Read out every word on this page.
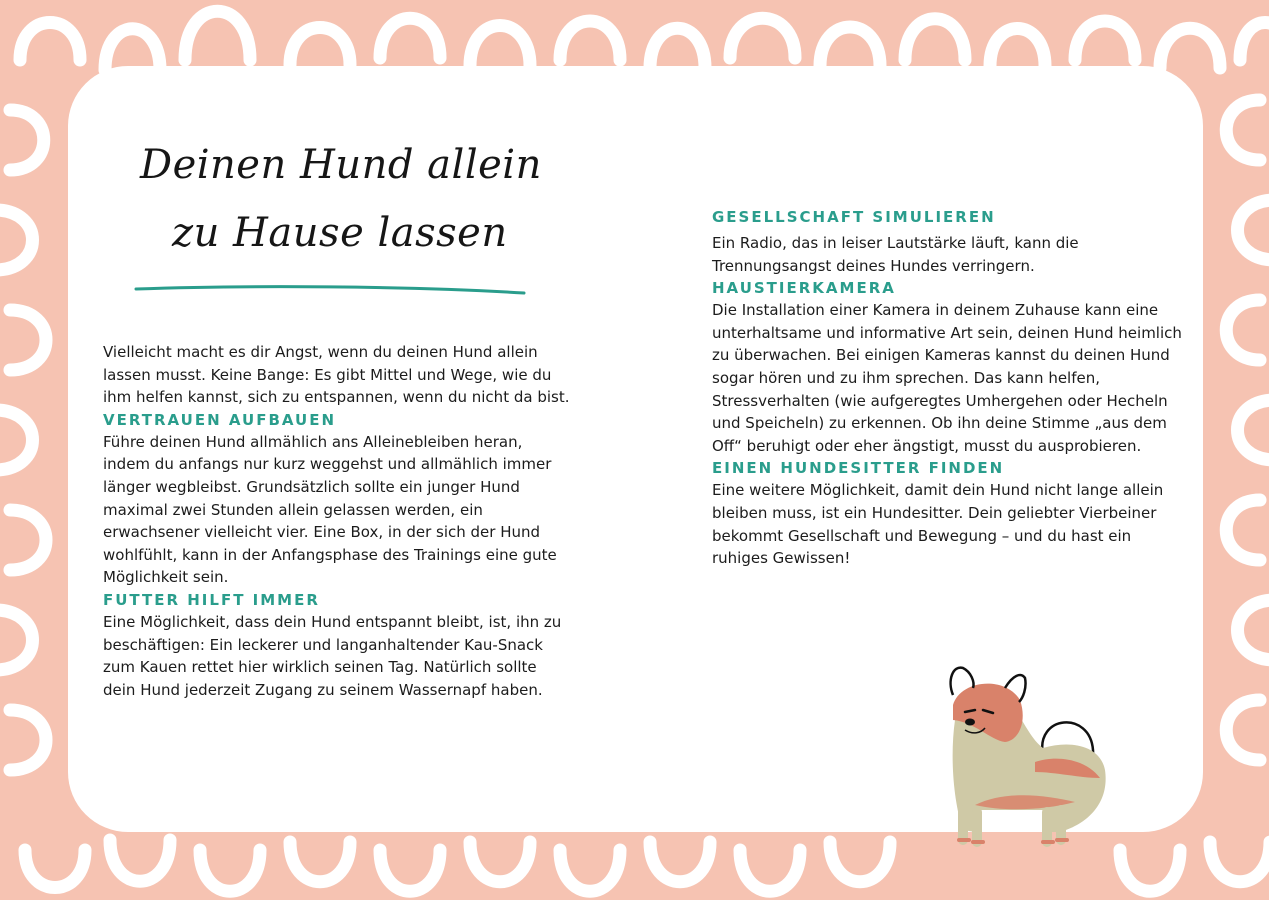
Deinen Hund allein
zu Hause lassen

Vielleicht macht es dir Angst, wenn du deinen Hund allein lassen musst. Keine Bange: Es gibt Mittel und Wege, wie du ihm helfen kannst, sich zu entspannen, wenn du nicht da bist.

VERTRAUEN AUFBAUEN

Führe deinen Hund allmählich ans Alleinebleiben heran, indem du anfangs nur kurz weggehst und allmählich immer länger wegbleibst. Grundsätzlich sollte ein junger Hund maximal zwei Stunden allein gelassen werden, ein erwachsener vielleicht vier. Eine Box, in der sich der Hund wohlfühlt, kann in der Anfangsphase des Trainings eine gute Möglichkeit sein.

FUTTER HILFT IMMER

Eine Möglichkeit, dass dein Hund entspannt bleibt, ist, ihn zu beschäftigen: Ein leckerer und langanhaltender Kau-Snack zum Kauen rettet hier wirklich seinen Tag. Natürlich sollte dein Hund jederzeit Zugang zu seinem Wassernapf haben.

GESELLSCHAFT SIMULIEREN

Ein Radio, das in leiser Lautstärke läuft, kann die Trennungsangst deines Hundes verringern.

HAUSTIERKAMERA

Die Installation einer Kamera in deinem Zuhause kann eine unterhaltsame und informative Art sein, deinen Hund heimlich zu überwachen. Bei einigen Kameras kannst du deinen Hund sogar hören und zu ihm sprechen. Das kann helfen, Stressverhalten (wie aufgeregtes Umhergehen oder Hecheln und Speicheln) zu erkennen. Ob ihn deine Stimme „aus dem Off“ beruhigt oder eher ängstigt, musst du ausprobieren.

EINEN HUNDESITTER FINDEN

Eine weitere Möglichkeit, damit dein Hund nicht lange allein bleiben muss, ist ein Hundesitter. Dein geliebter Vierbeiner bekommt Gesellschaft und Bewegung – und du hast ein ruhiges Gewissen!
